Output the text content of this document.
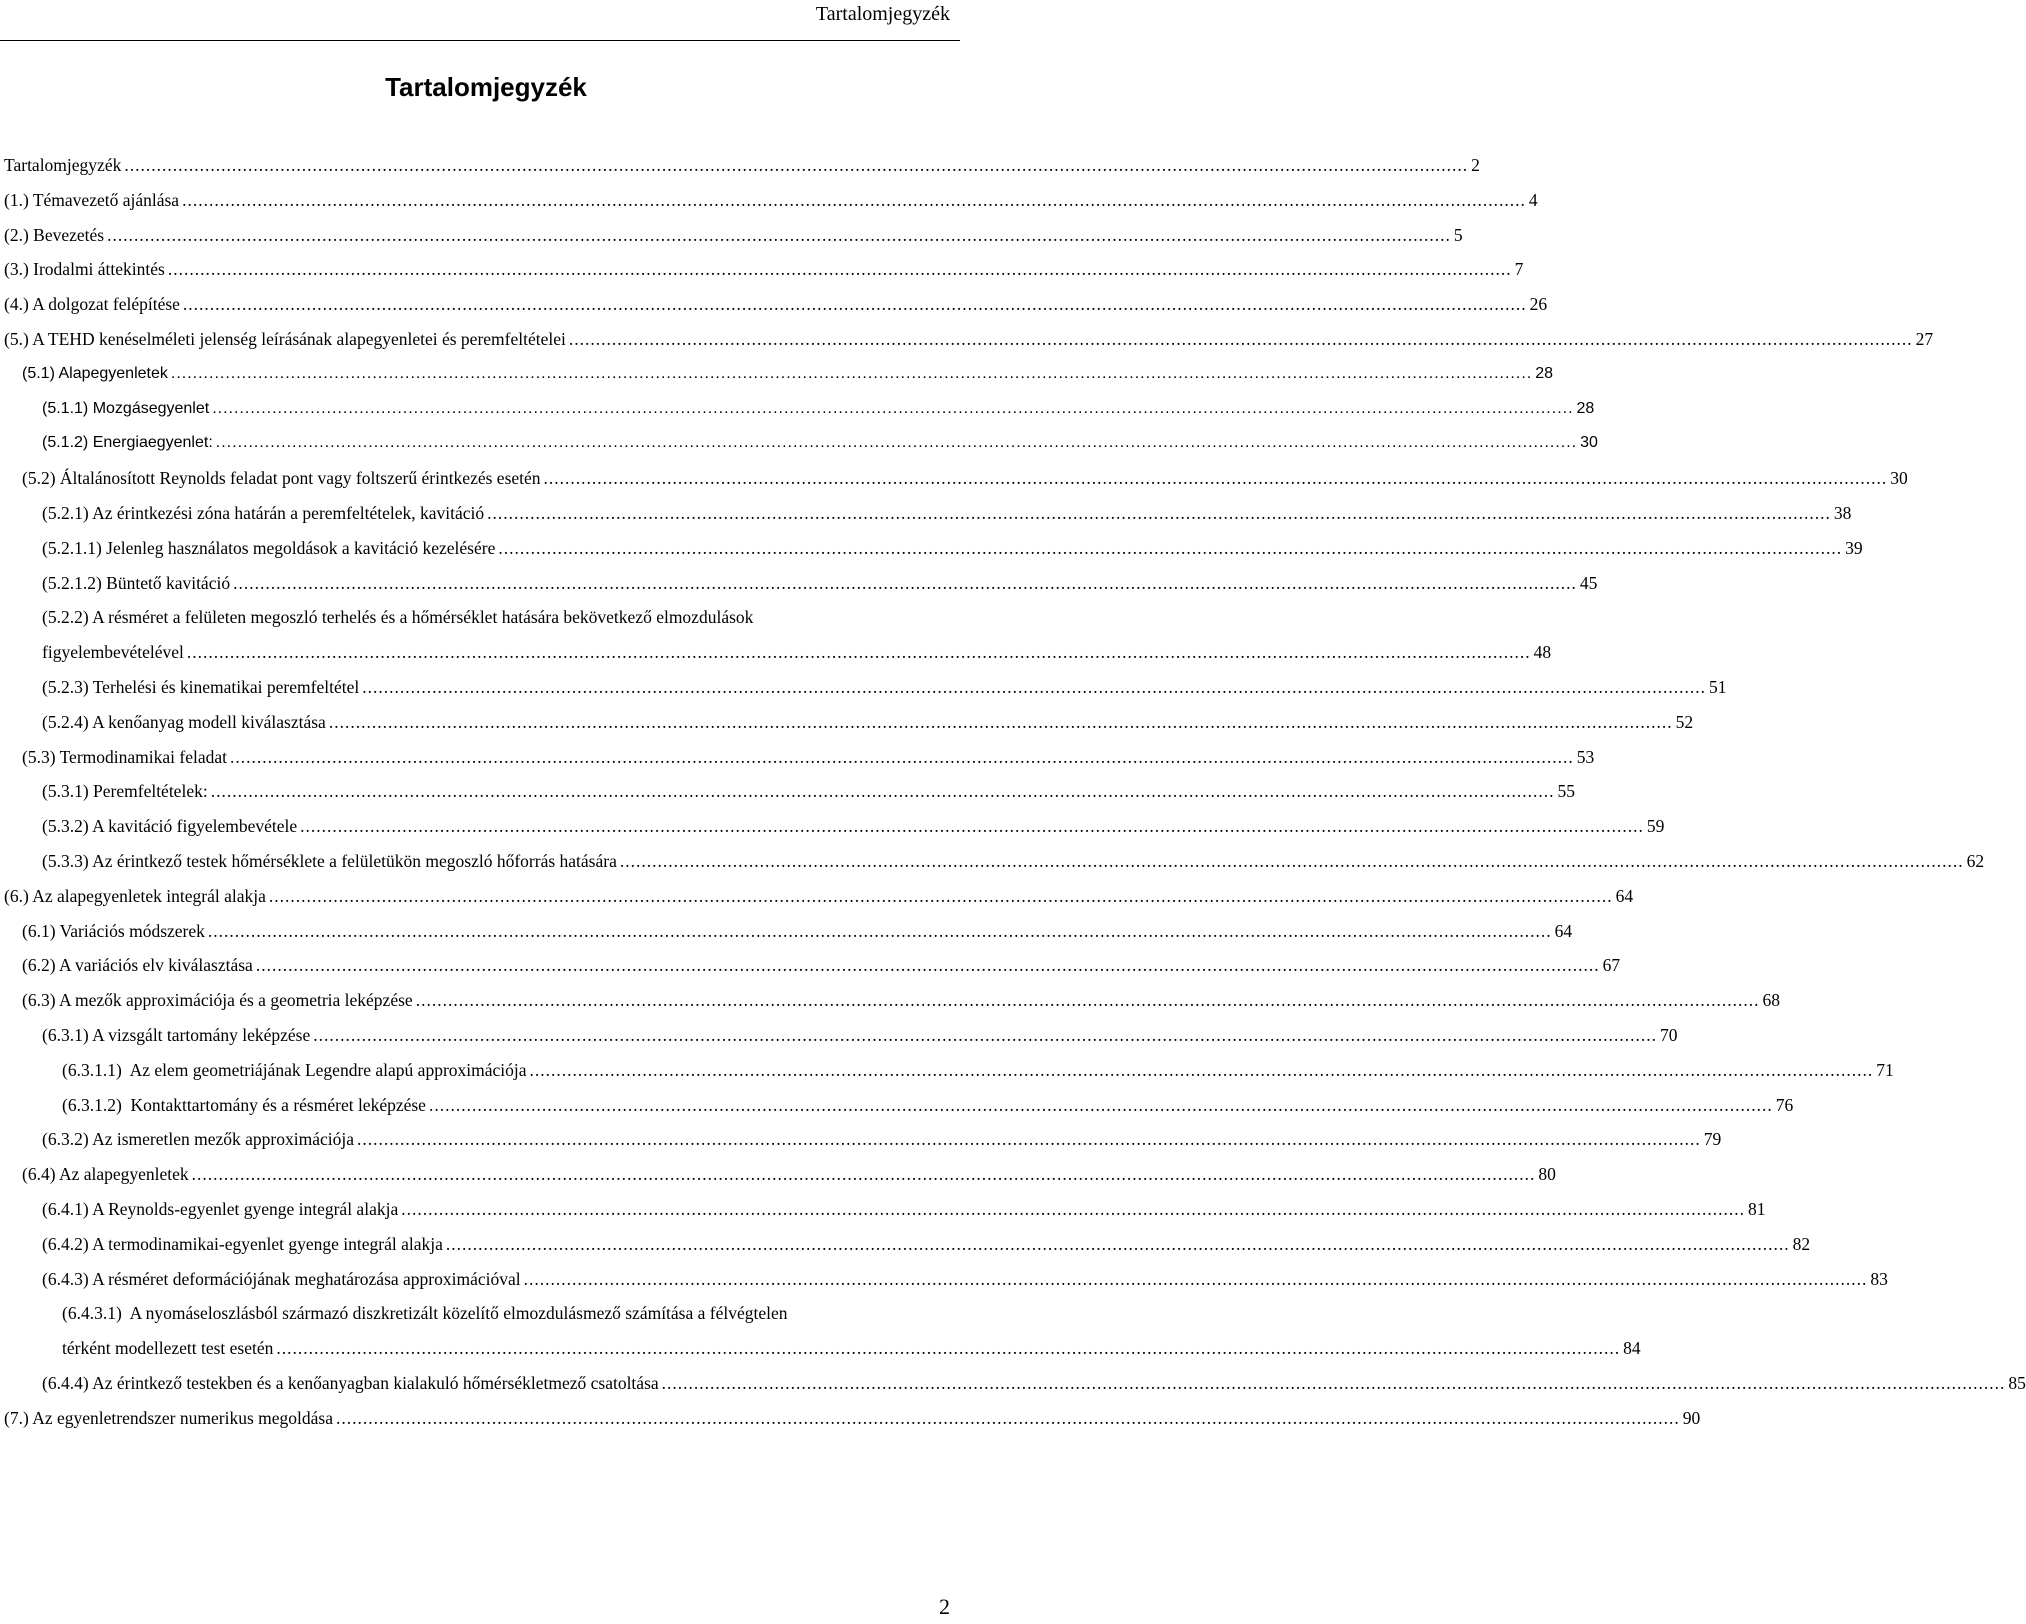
Tartalomjegyzék
Tartalomjegyzék
Tartalomjegyzék .....	2
(1.) Témavezető ajánlása .....	4
(2.) Bevezetés .....	5
(3.) Irodalmi áttekintés .....	7
(4.) A dolgozat felépítése .....	26
(5.) A TEHD kenéselméleti jelenség leírásának alapegyenletei és peremfeltételei .....	27
(5.1) Alapegyenletek .....	28
(5.1.1) Mozgásegyenlet .....	28
(5.1.2) Energiaegyenlet: .....	30
(5.2) Általánosított Reynolds feladat pont vagy foltszerű érintkezés esetén .....	30
(5.2.1) Az érintkezési zóna határán a peremfeltételek, kavitáció .....	38
(5.2.1.1) Jelenleg használatos megoldások a kavitáció kezelésére .....	39
(5.2.1.2) Büntető kavitáció .....	45
(5.2.2) A résméret a felületen megoszló terhelés és a hőmérséklet hatására bekövetkező elmozdulások
figyelembevételével .....	48
(5.2.3) Terhelési és kinematikai peremfeltétel .....	51
(5.2.4) A kenőanyag modell kiválasztása .....	52
(5.3) Termodinamikai feladat .....	53
(5.3.1) Peremfeltételek: .....	55
(5.3.2) A kavitáció figyelembevétele .....	59
(5.3.3) Az érintkező testek hőmérséklete a felületükön megoszló hőforrás hatására .....	62
(6.) Az alapegyenletek integrál alakja .....	64
(6.1) Variációs módszerek .....	64
(6.2) A variációs elv kiválasztása .....	67
(6.3) A mezők approximációja és a geometria leképzése .....	68
(6.3.1) A vizsgált tartomány leképzése .....	70
(6.3.1.1)  Az elem geometriájának Legendre alapú approximációja .....	71
(6.3.1.2)  Kontakttartomány és a résméret leképzése .....	76
(6.3.2) Az ismeretlen mezők approximációja .....	79
(6.4) Az alapegyenletek .....	80
(6.4.1) A Reynolds-egyenlet gyenge integrál alakja .....	81
(6.4.2) A termodinamikai-egyenlet gyenge integrál alakja .....	82
(6.4.3) A résméret deformációjának meghatározása approximációval .....	83
(6.4.3.1)  A nyomáseloszlásból származó diszkretizált közelítő elmozdulásmező számítása a félvégtelen
térként modellezett test esetén .....	84
(6.4.4) Az érintkező testekben és a kenőanyagban kialakuló hőmérsékletmező csatoltása .....	85
(7.) Az egyenletrendszer numerikus megoldása .....	90
2
